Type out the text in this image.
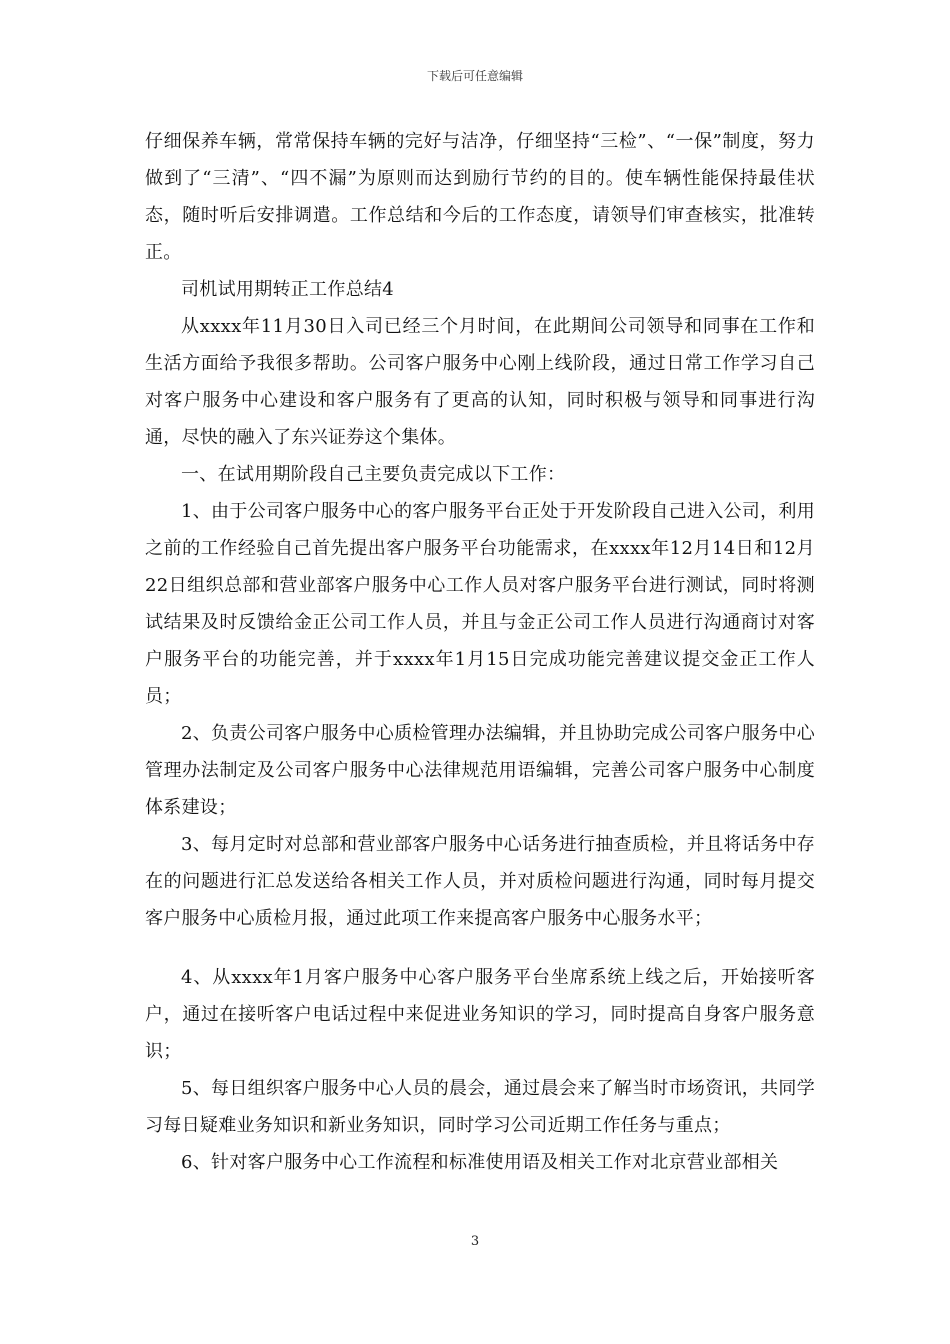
下载后可任意编辑

仔细保养车辆，常常保持车辆的完好与洁净，仔细坚持“三检”、“一保”制度，努力做到了“三清”、“四不漏”为原则而达到励行节约的目的。使车辆性能保持最佳状态，随时听后安排调遣。工作总结和今后的工作态度，请领导们审查核实，批准转正。

司机试用期转正工作总结4

从xxxx年11月30日入司已经三个月时间，在此期间公司领导和同事在工作和生活方面给予我很多帮助。公司客户服务中心刚上线阶段，通过日常工作学习自己对客户服务中心建设和客户服务有了更高的认知，同时积极与领导和同事进行沟通，尽快的融入了东兴证券这个集体。

一、在试用期阶段自己主要负责完成以下工作：

1、由于公司客户服务中心的客户服务平台正处于开发阶段自己进入公司，利用之前的工作经验自己首先提出客户服务平台功能需求，在xxxx年12月14日和12月22日组织总部和营业部客户服务中心工作人员对客户服务平台进行测试，同时将测试结果及时反馈给金正公司工作人员，并且与金正公司工作人员进行沟通商讨对客户服务平台的功能完善，并于xxxx年1月15日完成功能完善建议提交金正工作人员；

2、负责公司客户服务中心质检管理办法编辑，并且协助完成公司客户服务中心管理办法制定及公司客户服务中心法律规范用语编辑，完善公司客户服务中心制度体系建设；

3、每月定时对总部和营业部客户服务中心话务进行抽查质检，并且将话务中存在的问题进行汇总发送给各相关工作人员，并对质检问题进行沟通，同时每月提交客户服务中心质检月报，通过此项工作来提高客户服务中心服务水平；

4、从xxxx年1月客户服务中心客户服务平台坐席系统上线之后，开始接听客户，通过在接听客户电话过程中来促进业务知识的学习，同时提高自身客户服务意识；

5、每日组织客户服务中心人员的晨会，通过晨会来了解当时市场资讯，共同学习每日疑难业务知识和新业务知识，同时学习公司近期工作任务与重点；

6、针对客户服务中心工作流程和标准使用语及相关工作对北京营业部相关

3
